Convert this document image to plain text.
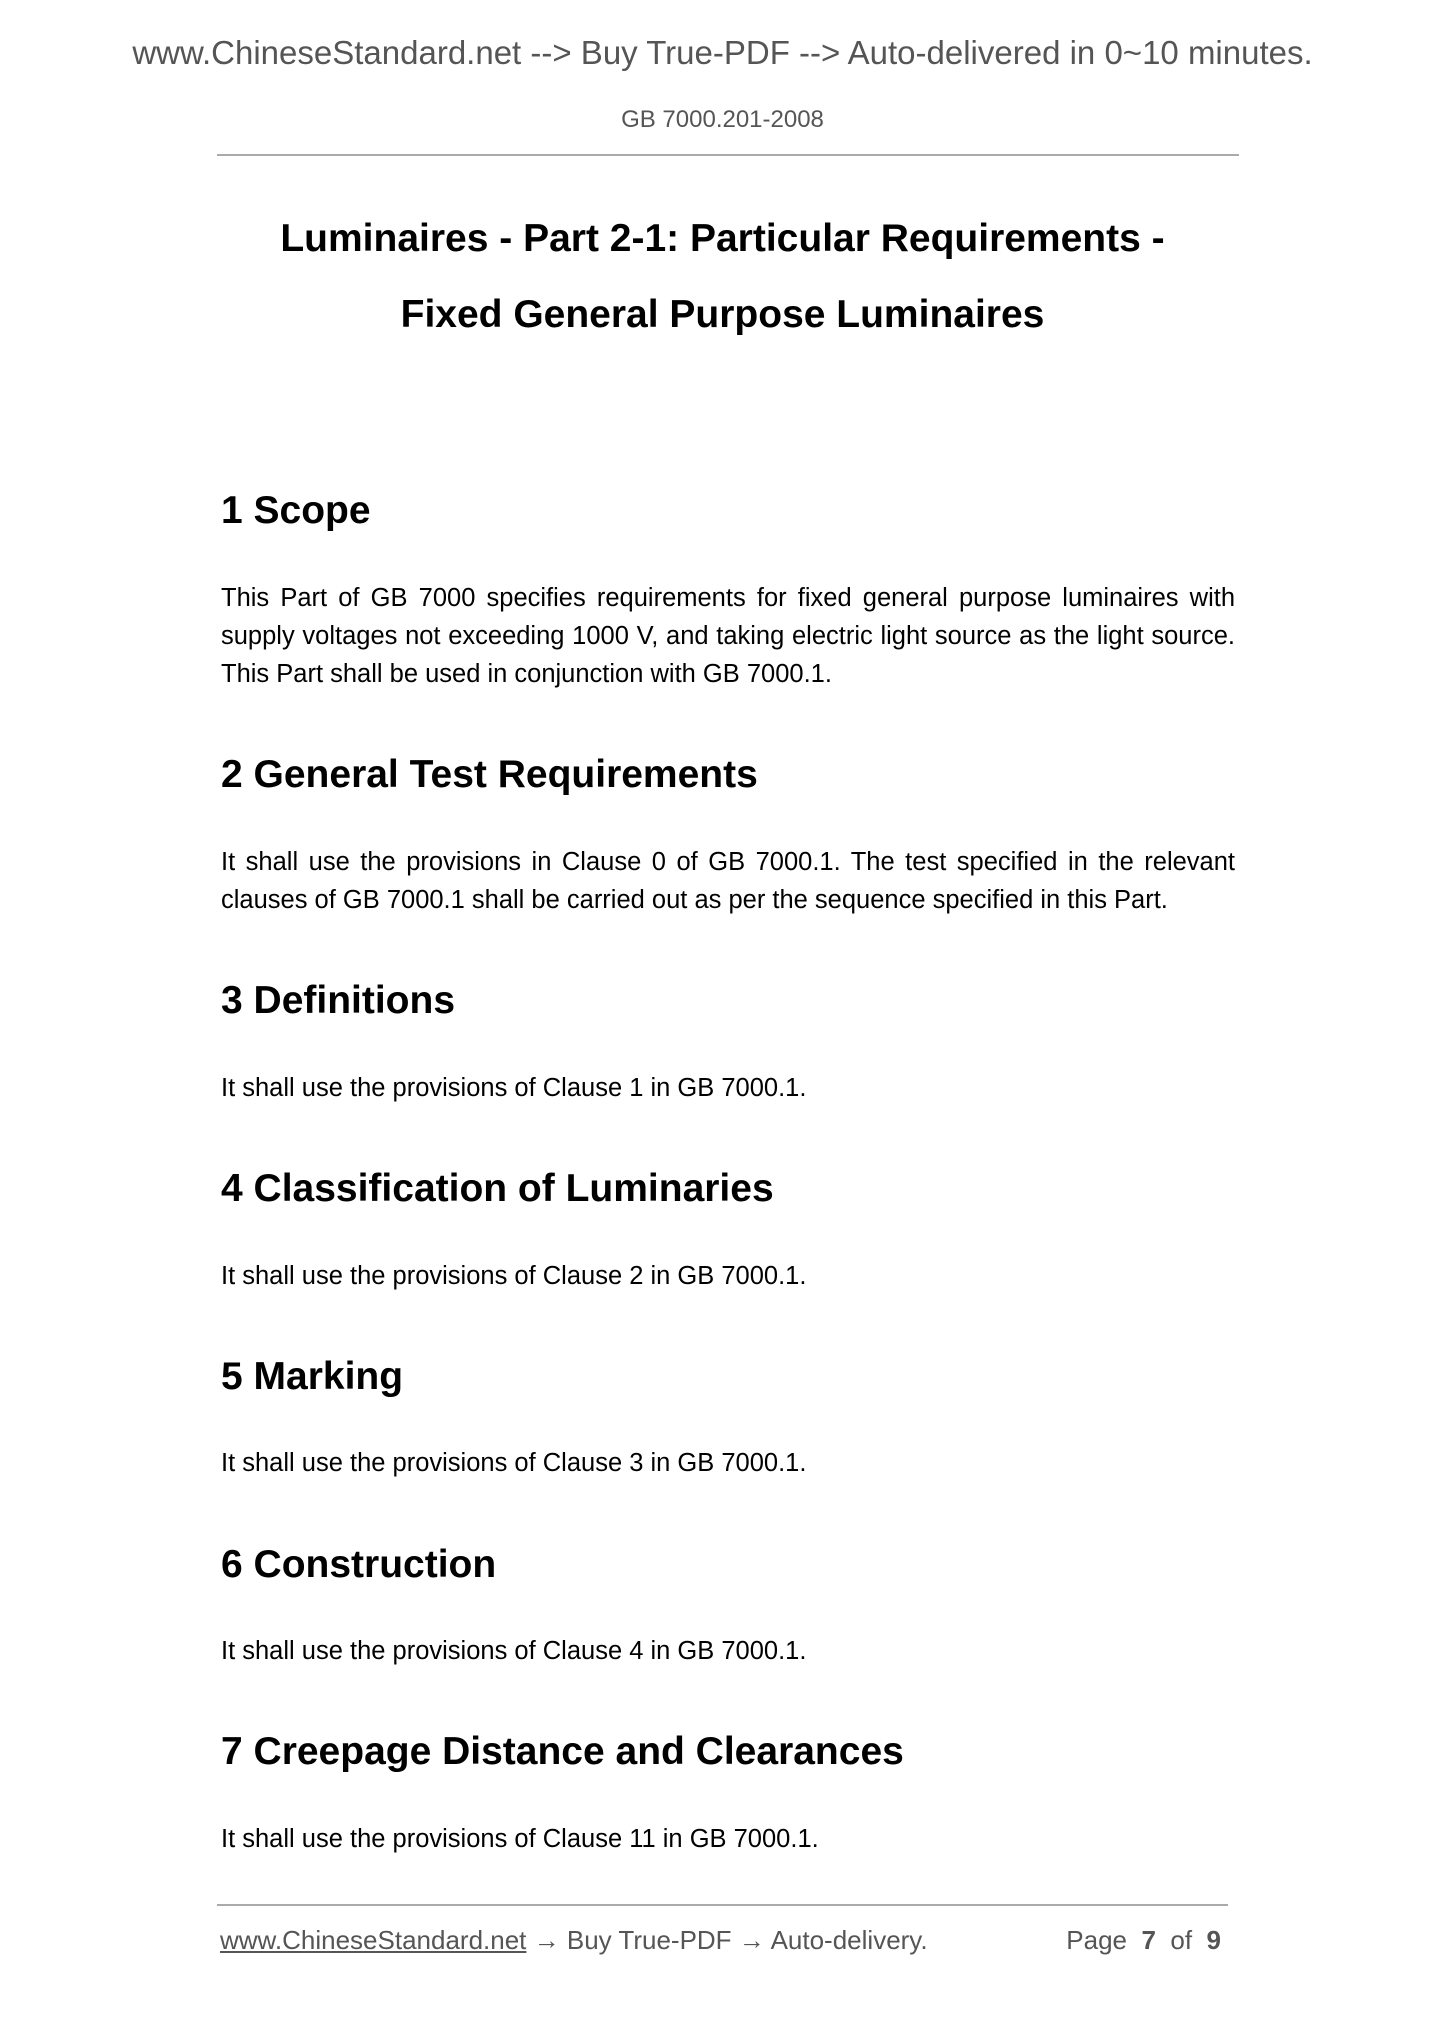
www.ChineseStandard.net --> Buy True-PDF --> Auto-delivered in 0~10 minutes.
GB 7000.201-2008
Luminaires - Part 2-1: Particular Requirements -
Fixed General Purpose Luminaires
1 Scope
This Part of GB 7000 specifies requirements for fixed general purpose luminaires with supply voltages not exceeding 1000 V, and taking electric light source as the light source. This Part shall be used in conjunction with GB 7000.1.
2 General Test Requirements
It shall use the provisions in Clause 0 of GB 7000.1. The test specified in the relevant clauses of GB 7000.1 shall be carried out as per the sequence specified in this Part.
3 Definitions
It shall use the provisions of Clause 1 in GB 7000.1.
4 Classification of Luminaries
It shall use the provisions of Clause 2 in GB 7000.1.
5 Marking
It shall use the provisions of Clause 3 in GB 7000.1.
6 Construction
It shall use the provisions of Clause 4 in GB 7000.1.
7 Creepage Distance and Clearances
It shall use the provisions of Clause 11 in GB 7000.1.
www.ChineseStandard.net → Buy True-PDF → Auto-delivery.	Page 7 of 9
